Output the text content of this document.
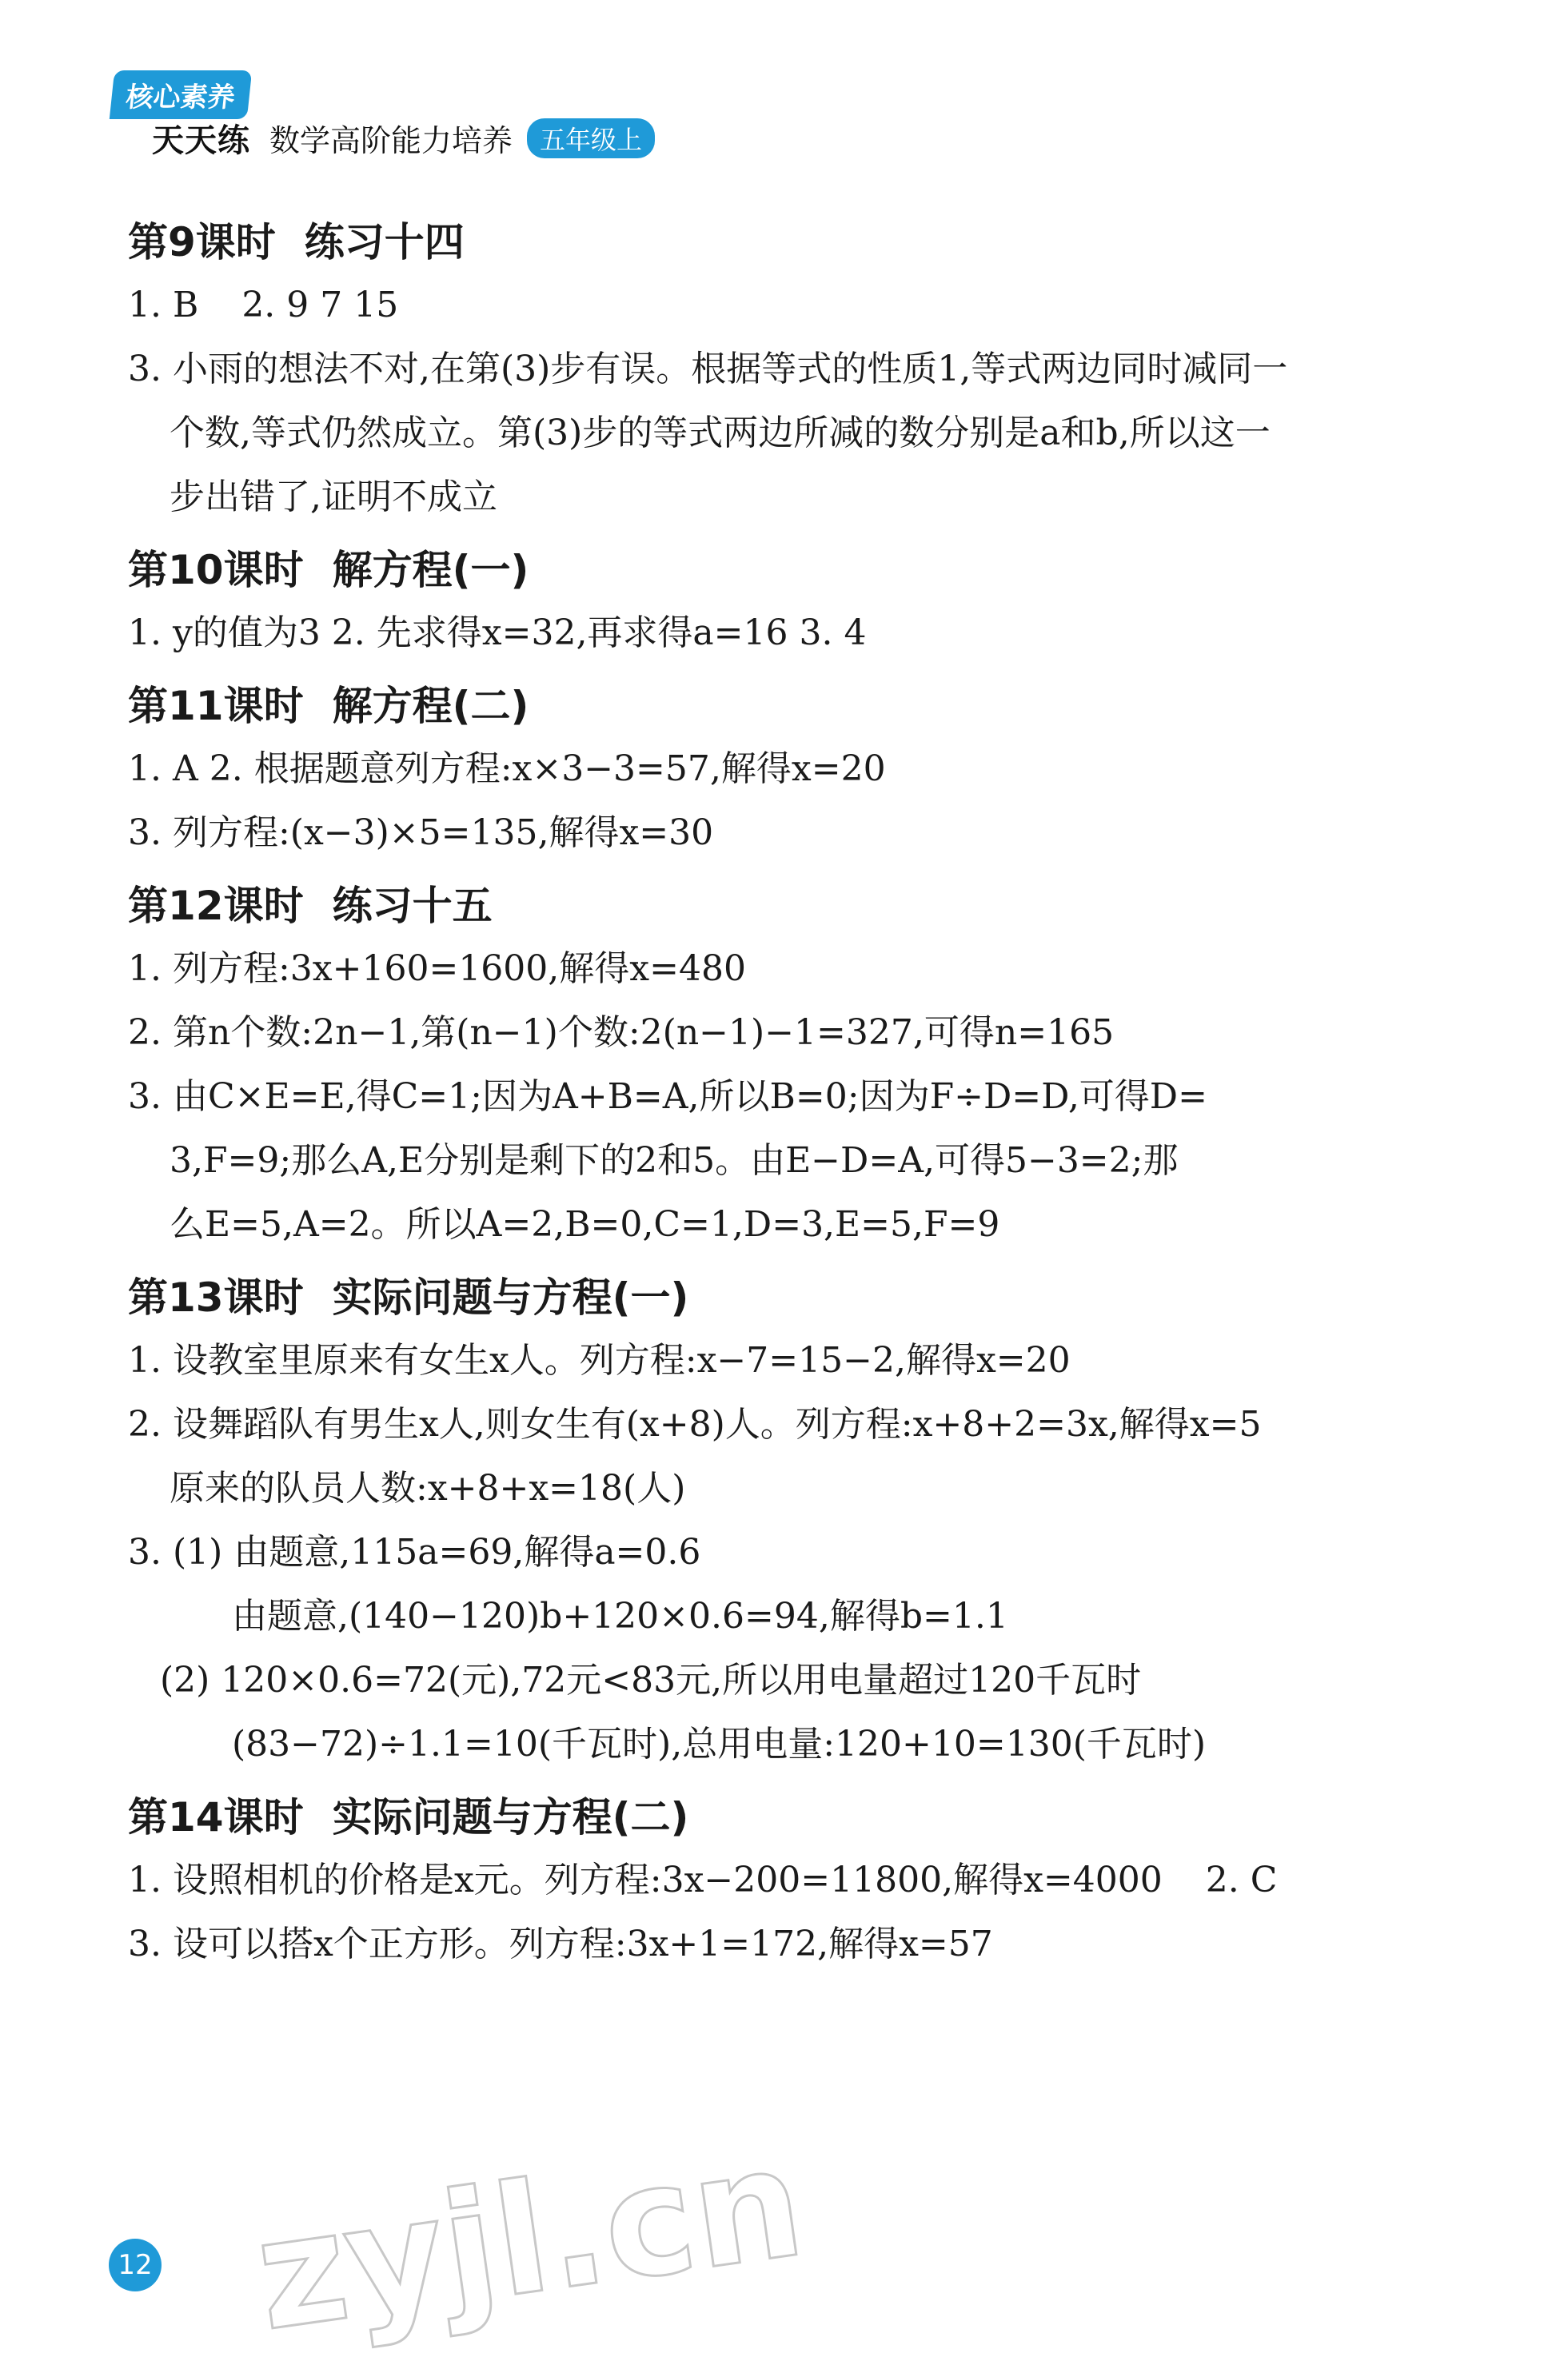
核心素养
天天练 数学高阶能力培养	五年级上
第9课时 练习十四
1. B 2. 9 7 15
3. 小雨的想法不对,在第(3)步有误。根据等式的性质1,等式两边同时减同一
个数,等式仍然成立。第(3)步的等式两边所减的数分别是a和b,所以这一
步出错了,证明不成立
第10课时 解方程(一)
1. y的值为3 2. 先求得x=32,再求得a=16 3. 4
第11课时 解方程(二)
1. A 2. 根据题意列方程:x×3−3=57,解得x=20
3. 列方程:(x−3)×5=135,解得x=30
第12课时 练习十五
1. 列方程:3x+160=1600,解得x=480
2. 第n个数:2n−1,第(n−1)个数:2(n−1)−1=327,可得n=165
3. 由C×E=E,得C=1;因为A+B=A,所以B=0;因为F÷D=D,可得D=
3,F=9;那么A,E分别是剩下的2和5。由E−D=A,可得5−3=2;那
么E=5,A=2。所以A=2,B=0,C=1,D=3,E=5,F=9
第13课时 实际问题与方程(一)
1. 设教室里原来有女生x人。列方程:x−7=15−2,解得x=20
2. 设舞蹈队有男生x人,则女生有(x+8)人。列方程:x+8+2=3x,解得x=5
原来的队员人数:x+8+x=18(人)
3. (1) 由题意,115a=69,解得a=0.6
由题意,(140−120)b+120×0.6=94,解得b=1.1
(2) 120×0.6=72(元),72元<83元,所以用电量超过120千瓦时
(83−72)÷1.1=10(千瓦时),总用电量:120+10=130(千瓦时)
第14课时 实际问题与方程(二)
1. 设照相机的价格是x元。列方程:3x−200=11800,解得x=4000 2. C
3. 设可以搭x个正方形。列方程:3x+1=172,解得x=57
zyjl.cn
12
